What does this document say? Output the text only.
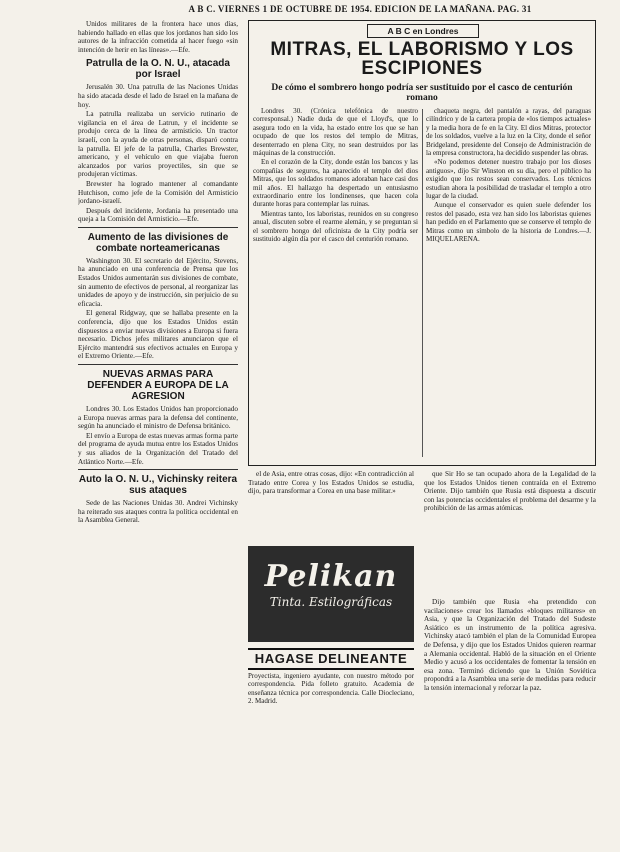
A B C. VIERNES 1 DE OCTUBRE DE 1954. EDICION DE LA MAÑANA. PAG. 31

Unidos militares de la frontera hace unos días, habiendo hallado en ellas que los jordanos han sido los autores de la infracción cometida al hacer fuego «sin intención de herir en las líneas».—Efe.

Patrulla de la O. N. U., atacada por Israel

Jerusalén 30. Una patrulla de las Naciones Unidas ha sido atacada desde el lado de Israel en la mañana de hoy.

La patrulla realizaba un servicio rutinario de vigilancia en el área de Latrun, y el incidente se produjo cerca de la línea de armisticio. Un tractor israelí, con la ayuda de otras personas, disparó contra la patrulla. El jefe de la patrulla, Charles Brewster, americano, y el vehículo en que viajaba fueron alcanzados por varios proyectiles, sin que se produjeran víctimas.

Brewster ha logrado mantener al comandante Hutchison, como jefe de la Comisión del Armisticio jordano-israelí.

Después del incidente, Jordania ha presentado una queja a la Comisión del Armisticio.—Efe.

Aumento de las divisiones de combate norteamericanas

Washington 30. El secretario del Ejército, Stevens, ha anunciado en una conferencia de Prensa que los Estados Unidos aumentarán sus divisiones de combate, sin aumento de efectivos de personal, al reorganizar las unidades de apoyo y de instrucción, sin perjuicio de su eficacia.

El general Ridgway, que se hallaba presente en la conferencia, dijo que los Estados Unidos están dispuestos a enviar nuevas divisiones a Europa si fuera necesario. Dichos jefes militares anunciaron que el Ejército mantendrá sus efectivos actuales en Europa y el Extremo Oriente.—Efe.

NUEVAS ARMAS PARA DEFENDER A EUROPA DE LA AGRESION

Londres 30. Los Estados Unidos han proporcionado a Europa nuevas armas para la defensa del continente, según ha anunciado el ministro de Defensa británico.

El envío a Europa de estas nuevas armas forma parte del programa de ayuda mutua entre los Estados Unidos y sus aliados de la Organización del Tratado del Atlántico Norte.—Efe.

Auto la O. N. U., Vichinsky reitera sus ataques

Sede de las Naciones Unidas 30. Andrei Vichinsky ha reiterado sus ataques contra la política occidental en la Asamblea General.

A B C en Londres
MITRAS, EL LABORISMO Y LOS ESCIPIONES
De cómo el sombrero hongo podría ser sustituido por el casco de centurión romano

Londres 30. (Crónica telefónica de nuestro corresponsal.) Nadie duda de que el Lloyd's, que lo asegura todo en la vida, ha estado entre los que se han ocupado de que los restos del templo de Mitras, desenterrado en plena City, no sean destruidos por las máquinas de la construcción.

En el corazón de la City, donde están los bancos y las compañías de seguros, ha aparecido el templo del dios Mitras, que los soldados romanos adoraban hace casi dos mil años. El hallazgo ha despertado un entusiasmo extraordinario entre los londinenses, que hacen cola durante horas para contemplar las ruinas.

Mientras tanto, los laboristas, reunidos en su congreso anual, discuten sobre el rearme alemán, y se preguntan si el sombrero hongo del oficinista de la City podría ser sustituido algún día por el casco del centurión romano.

chaqueta negra, del pantalón a rayas, del paraguas cilíndrico y de la cartera propia de «los tiempos actuales» y la media hora de fe en la City. El dios Mitras, protector de los soldados, vuelve a la luz en la City, donde el señor Bridgeland, presidente del Consejo de Administración de la empresa constructora, ha decidido suspender las obras.

«No podemos detener nuestro trabajo por los dioses antiguos», dijo Sir Winston en su día, pero el público ha exigido que los restos sean conservados. Los técnicos estudian ahora la posibilidad de trasladar el templo a otro lugar de la ciudad.

Aunque el conservador es quien suele defender los restos del pasado, esta vez han sido los laboristas quienes han pedido en el Parlamento que se conserve el templo de Mitras como un símbolo de la historia de Londres.—J. MIQUELARENA.

el de Asia, entre otras cosas, dijo: «En contradicción al Tratado entre Corea y los Estados Unidos se estudia, dijo, para transformar a Corea en una base militar.»

que Sir Ho se tan ocupado ahora de la Legalidad de la que los Estados Unidos tienen contraída en el Extremo Oriente. Dijo también que Rusia está dispuesta a discutir con las potencias occidentales el problema del desarme y la prohibición de las armas atómicas.

Dijo también que Rusia «ha pretendido con vacilaciones» crear los llamados «bloques militares» en Asia, y que la Organización del Tratado del Sudeste Asiático es un instrumento de la política agresiva. Vichinsky atacó también el plan de la Comunidad Europea de Defensa, y dijo que los Estados Unidos quieren rearmar a Alemania occidental. Habló de la situación en el Oriente Medio y acusó a los occidentales de fomentar la tensión en esa zona. Terminó diciendo que la Unión Soviética propondrá a la Asamblea una serie de medidas para reducir la tensión internacional y reforzar la paz.

Pelikan
Tinta. Estilográficas
HAGASE DELINEANTE
Proyectista, ingeniero ayudante, con nuestro método por correspondencia. Pida folleto gratuito. Academia de enseñanza técnica por correspondencia. Calle Diocleciano, 2. Madrid.
